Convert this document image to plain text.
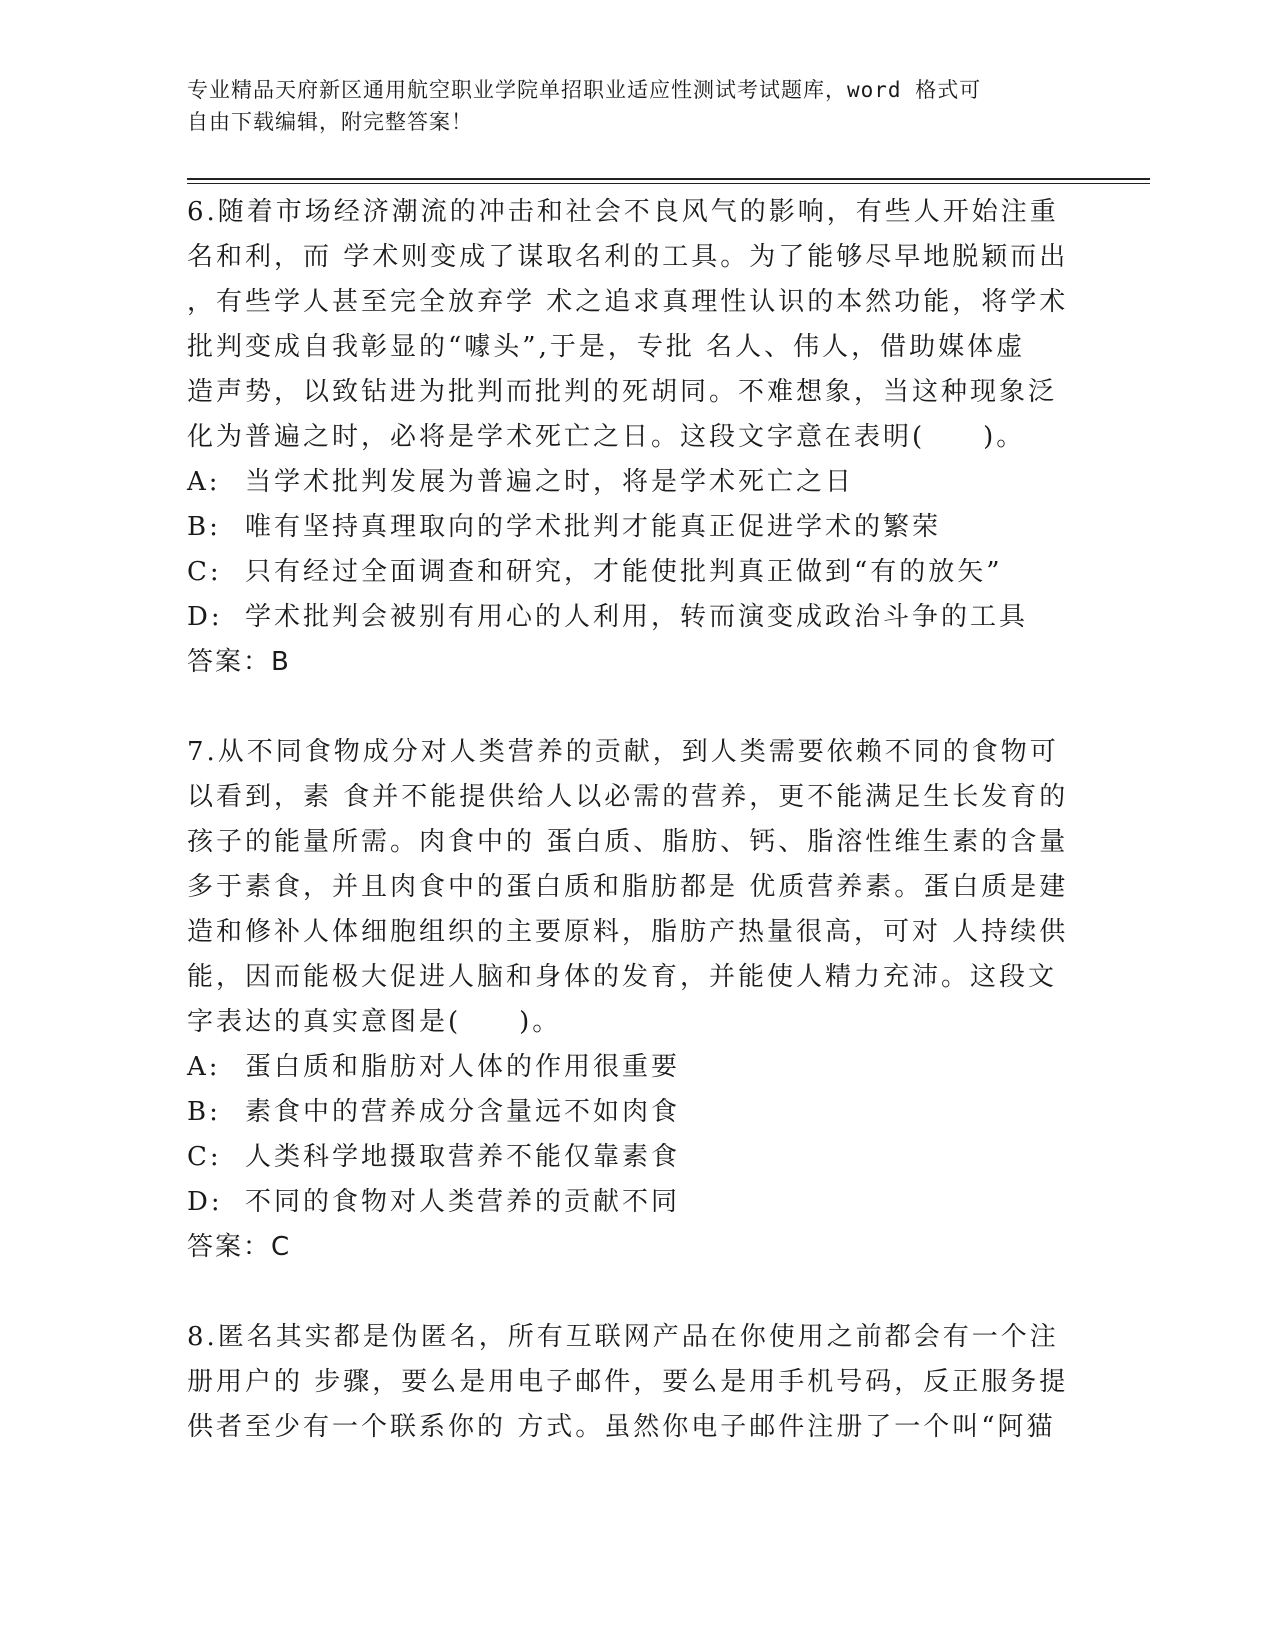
专业精品天府新区通用航空职业学院单招职业适应性测试考试题库，word 格式可
自由下载编辑，附完整答案！

6.随着市场经济潮流的冲击和社会不良风气的影响，有些人开始注重

名和利，而 学术则变成了谋取名利的工具。为了能够尽早地脱颖而出

，有些学人甚至完全放弃学 术之追求真理性认识的本然功能，将学术

批判变成自我彰显的“噱头”,于是，专批 名人、伟人，借助媒体虚

造声势，以致钻进为批判而批判的死胡同。不难想象，当这种现象泛

化为普遍之时，必将是学术死亡之日。这段文字意在表明(　　)。

A: 当学术批判发展为普遍之时，将是学术死亡之日

B: 唯有坚持真理取向的学术批判才能真正促进学术的繁荣

C: 只有经过全面调查和研究，才能使批判真正做到“有的放矢”

D: 学术批判会被别有用心的人利用，转而演变成政治斗争的工具

答案：B

7.从不同食物成分对人类营养的贡献，到人类需要依赖不同的食物可

以看到，素 食并不能提供给人以必需的营养，更不能满足生长发育的

孩子的能量所需。肉食中的 蛋白质、脂肪、钙、脂溶性维生素的含量

多于素食，并且肉食中的蛋白质和脂肪都是 优质营养素。蛋白质是建

造和修补人体细胞组织的主要原料，脂肪产热量很高，可对 人持续供

能，因而能极大促进人脑和身体的发育，并能使人精力充沛。这段文

字表达的真实意图是(　　)。

A: 蛋白质和脂肪对人体的作用很重要

B: 素食中的营养成分含量远不如肉食

C: 人类科学地摄取营养不能仅靠素食

D: 不同的食物对人类营养的贡献不同

答案：C

8.匿名其实都是伪匿名，所有互联网产品在你使用之前都会有一个注

册用户的 步骤，要么是用电子邮件，要么是用手机号码，反正服务提

供者至少有一个联系你的 方式。虽然你电子邮件注册了一个叫“阿猫
